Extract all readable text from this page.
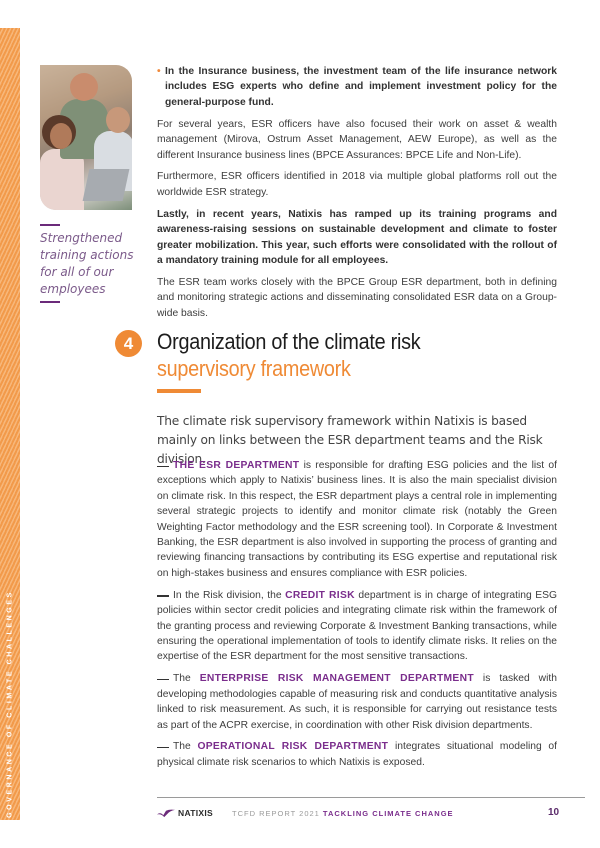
GOVERNANCE OF CLIMATE CHALLENGES
Strengthened training actions for all of our employees

• In the Insurance business, the investment team of the life insurance network includes ESG experts who define and implement investment policy for the general-purpose fund.

For several years, ESR officers have also focused their work on asset & wealth management (Mirova, Ostrum Asset Management, AEW Europe), as well as the different Insurance business lines (BPCE Assurances: BPCE Life and Non-Life).

Furthermore, ESR officers identified in 2018 via multiple global platforms roll out the worldwide ESR strategy.

Lastly, in recent years, Natixis has ramped up its training programs and awareness-raising sessions on sustainable development and climate to foster greater mobilization. This year, such efforts were consolidated with the rollout of a mandatory training module for all employees.

The ESR team works closely with the BPCE Group ESR department, both in defining and monitoring strategic actions and disseminating consolidated ESR data on a Group-wide basis.

4	Organization of the climate risk
supervisory framework
The climate risk supervisory framework within Natixis is based mainly on links between the ESR department teams and the Risk division.

THE ESR DEPARTMENT is responsible for drafting ESG policies and the list of exceptions which apply to Natixis’ business lines. It is also the main specialist division on climate risk. In this respect, the ESR department plays a central role in implementing several strategic projects to identify and monitor climate risk (notably the Green Weighting Factor methodology and the ESR screening tool). In Corporate & Investment Banking, the ESR department is also involved in supporting the process of granting and reviewing financing transactions by contributing its ESG expertise and reputational risk on high-stakes business and ensures compliance with ESR policies.

In the Risk division, the CREDIT RISK department is in charge of integrating ESG policies within sector credit policies and integrating climate risk within the framework of the granting process and reviewing Corporate & Investment Banking transactions, while ensuring the operational implementation of tools to identify climate risks. It relies on the expertise of the ESR department for the most sensitive transactions.

The ENTERPRISE RISK MANAGEMENT DEPARTMENT is tasked with developing methodologies capable of measuring risk and conducts quantitative analysis linked to risk measurement. As such, it is responsible for carrying out resistance tests as part of the ACPR exercise, in coordination with other Risk division departments.

The OPERATIONAL RISK DEPARTMENT integrates situational modeling of physical climate risk scenarios to which Natixis is exposed.

NATIXIS	TCFD REPORT 2021 TACKLING CLIMATE CHANGE	10
